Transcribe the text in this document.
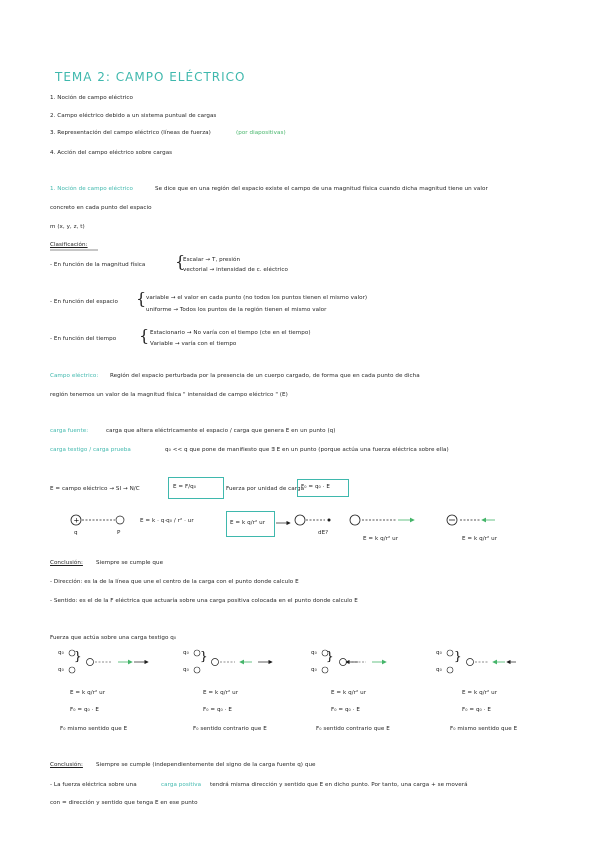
TEMA 2: CAMPO ELÉCTRICO
1. Noción de campo eléctrico
2. Campo eléctrico debido a un sistema puntual de cargas
3. Representación del campo eléctrico (líneas de fuerza)	(por diapositivas)
4. Acción del campo eléctrico sobre cargas
1. Noción de campo eléctrico	Se dice que en una región del espacio existe el campo de una magnitud física cuando dicha magnitud tiene un valor
concreto en cada punto del espacio
m (x, y, z, t)
Clasificación:
- En función de la magnitud física {
Escalar → T, presión
vectorial → intensidad de c. eléctrico
- En función del espacio { variable → el valor en cada punto (no todos los puntos tienen el mismo valor)
uniforme → Todos los puntos de la región tienen el mismo valor
- En función del tiempo { Estacionario → No varía con el tiempo (cte en el tiempo)
Variable → varía con el tiempo
Campo eléctrico: Región del espacio perturbada por la presencia de un cuerpo cargado, de forma que en cada punto de dicha
región tenemos un valor de la magnitud física " intensidad de campo eléctrico " (E)
carga fuente:	carga que altera eléctricamente el espacio / carga que genera E en un punto (q)
carga testigo / carga prueba	q₀ << q que pone de manifiesto que ∃ E en un punto (porque actúa una fuerza eléctrica sobre ella)
E = campo eléctrico → SI → N/C	E = F/q₀	Fuerza por unidad de carga
F₀ = q₀ · E
q	P
E = k · q·q₀ / r² · ur	E = k q/r² ur
dE?
E = k q/r² ur	E = k q/r² ur
Conclusión: Siempre se cumple que
- Dirección: es la de la línea que une el centro de la carga con el punto donde calculo E
- Sentido: es el de la F eléctrica que actuaría sobre una carga positiva colocada en el punto donde calculo E
Fuerza que actúa sobre una carga testigo q₀
q₀
q₀
E = k q/r² ur
F₀ = q₀ · E
F₀ mismo sentido que E
q₀
q₀
E = k q/r² ur
F₀ = q₀ · E
F₀ sentido contrario que E
q₀
q₀
E = k q/r² ur
F₀ = q₀ · E
F₀ sentido contrario que E
q₀
q₀
E = k q/r² ur
F₀ = q₀ · E
F₀ mismo sentido que E
Conclusión: Siempre se cumple (independientemente del signo de la carga fuente q) que
- La fuerza eléctrica sobre una	carga positiva tendrá misma dirección y sentido que E en dicho punto. Por tanto, una carga + se moverá
con = dirección y sentido que tenga E en ese punto
+
}	}	}	}
